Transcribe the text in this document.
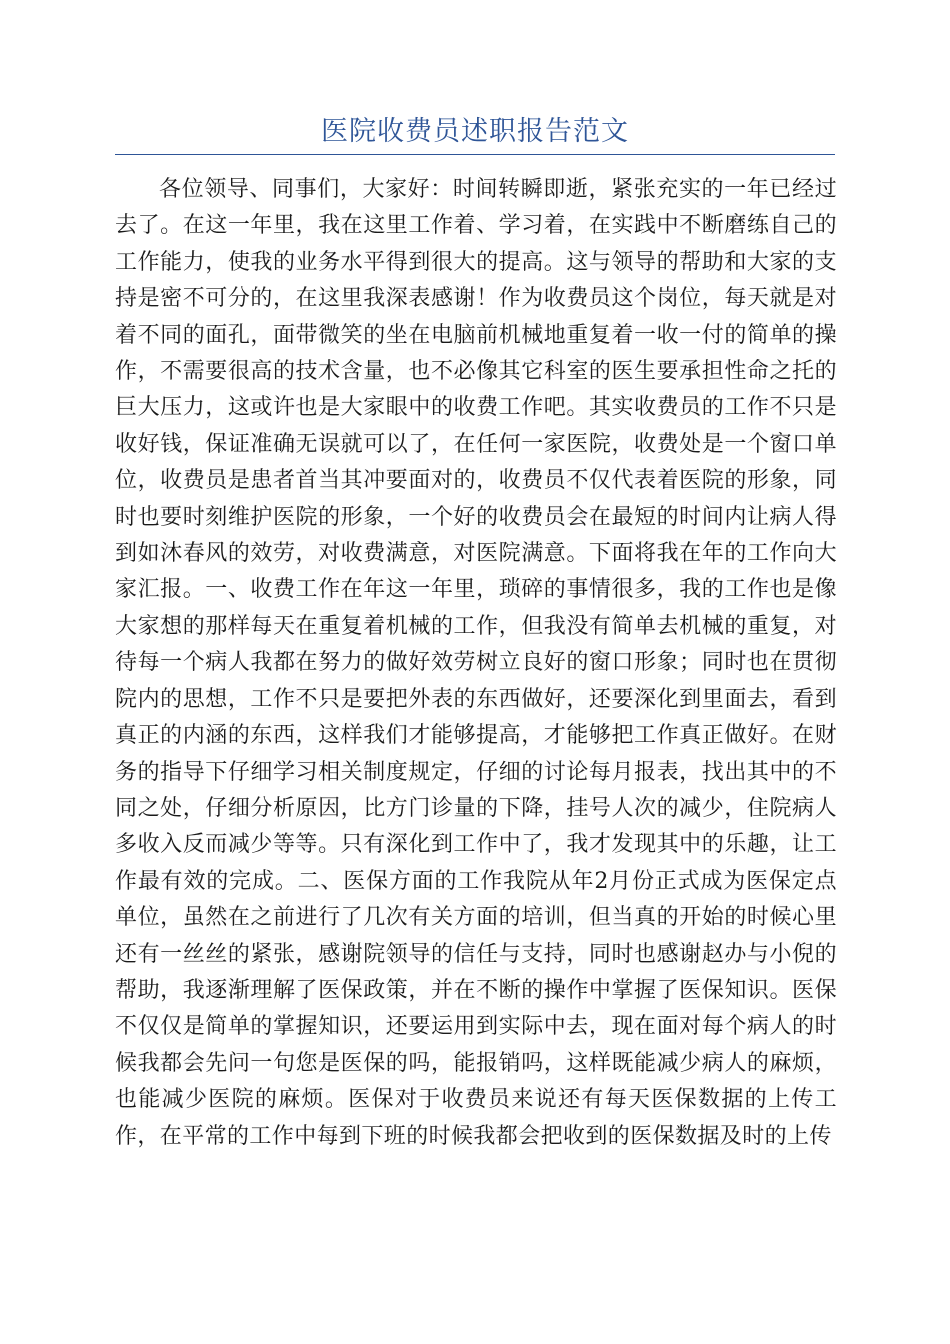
医院收费员述职报告范文

各位领导、同事们，大家好：时间转瞬即逝，紧张充实的一年已经过去了。在这一年里，我在这里工作着、学习着，在实践中不断磨练自己的工作能力，使我的业务水平得到很大的提高。这与领导的帮助和大家的支持是密不可分的，在这里我深表感谢！作为收费员这个岗位，每天就是对着不同的面孔，面带微笑的坐在电脑前机械地重复着一收一付的简单的操作，不需要很高的技术含量，也不必像其它科室的医生要承担性命之托的巨大压力，这或许也是大家眼中的收费工作吧。其实收费员的工作不只是收好钱，保证准确无误就可以了，在任何一家医院，收费处是一个窗口单位，收费员是患者首当其冲要面对的，收费员不仅代表着医院的形象，同时也要时刻维护医院的形象，一个好的收费员会在最短的时间内让病人得到如沐春风的效劳，对收费满意，对医院满意。下面将我在年的工作向大家汇报。一、收费工作在年这一年里，琐碎的事情很多，我的工作也是像大家想的那样每天在重复着机械的工作，但我没有简单去机械的重复，对待每一个病人我都在努力的做好效劳树立良好的窗口形象；同时也在贯彻院内的思想，工作不只是要把外表的东西做好，还要深化到里面去，看到真正的内涵的东西，这样我们才能够提高，才能够把工作真正做好。在财务的指导下仔细学习相关制度规定，仔细的讨论每月报表，找出其中的不同之处，仔细分析原因，比方门诊量的下降，挂号人次的减少，住院病人多收入反而减少等等。只有深化到工作中了，我才发现其中的乐趣，让工作最有效的完成。二、医保方面的工作我院从年2月份正式成为医保定点单位，虽然在之前进行了几次有关方面的培训，但当真的开始的时候心里还有一丝丝的紧张，感谢院领导的信任与支持，同时也感谢赵办与小倪的帮助，我逐渐理解了医保政策，并在不断的操作中掌握了医保知识。医保不仅仅是简单的掌握知识，还要运用到实际中去，现在面对每个病人的时候我都会先问一句您是医保的吗，能报销吗，这样既能减少病人的麻烦，也能减少医院的麻烦。医保对于收费员来说还有每天医保数据的上传工作，在平常的工作中每到下班的时候我都会把收到的医保数据及时的上传
